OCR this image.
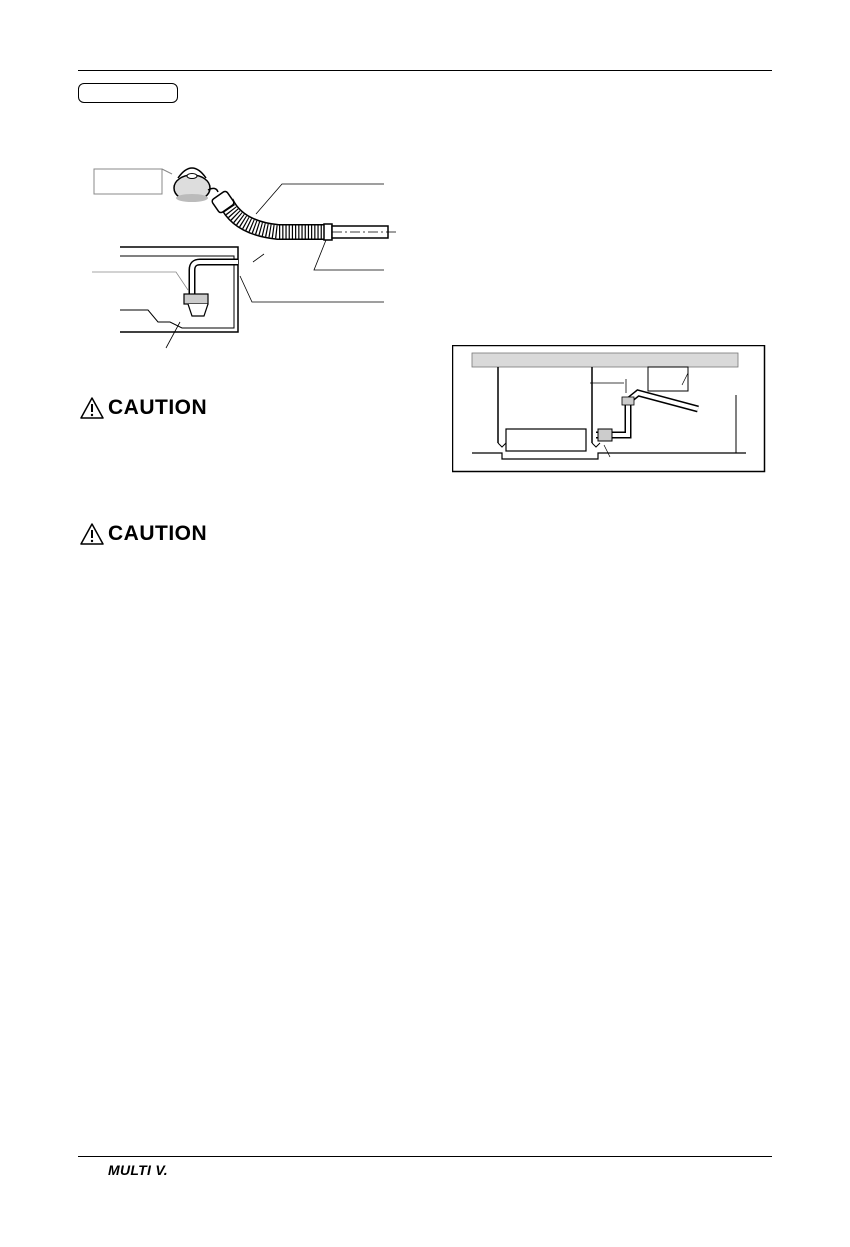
CAUTION
CAUTION
MULTI V.
